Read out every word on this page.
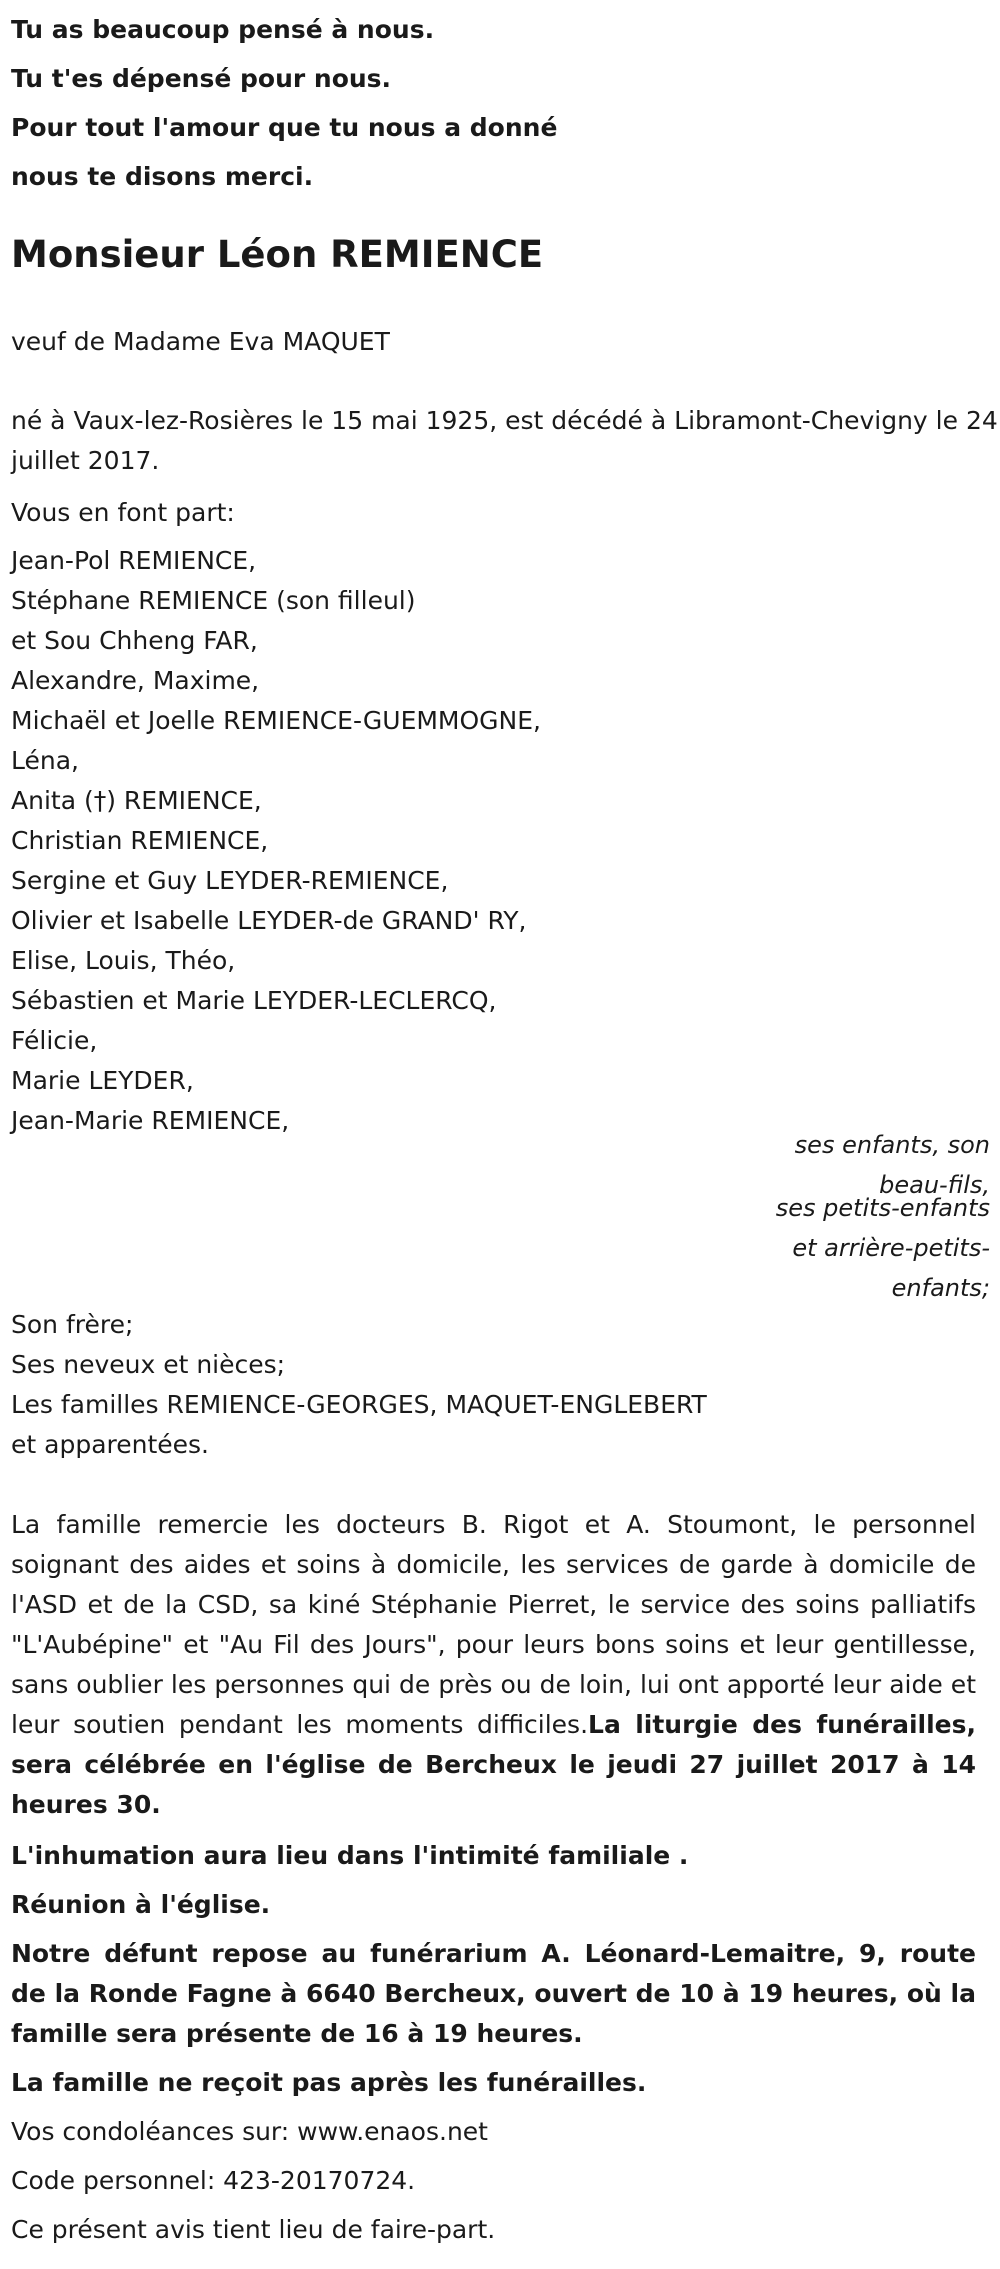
Tu as beaucoup pensé à nous.
Tu t'es dépensé pour nous.
Pour tout l'amour que tu nous a donné
nous te disons merci.
Monsieur Léon REMIENCE
veuf de Madame Eva MAQUET
né à Vaux-lez-Rosières le 15 mai 1925, est décédé à Libramont-Chevigny le 24 juillet 2017.
Vous en font part:
Jean-Pol REMIENCE,
Stéphane REMIENCE (son filleul)
et Sou Chheng FAR,
Alexandre, Maxime,
Michaël et Joelle REMIENCE-GUEMMOGNE,
Léna,
Anita (†) REMIENCE,
Christian REMIENCE,
Sergine et Guy LEYDER-REMIENCE,
Olivier et Isabelle LEYDER-de GRAND' RY,
Elise, Louis, Théo,
Sébastien et Marie LEYDER-LECLERCQ,
Félicie,
Marie LEYDER,
Jean-Marie REMIENCE,
ses enfants, son beau-fils,
ses petits-enfants et arrière-petits-enfants;
Son frère;
Ses neveux et nièces;
Les familles REMIENCE-GEORGES, MAQUET-ENGLEBERT
et apparentées.
La famille remercie les docteurs B. Rigot et A. Stoumont, le personnel soignant des aides et soins à domicile, les services de garde à domicile de l'ASD et de la CSD, sa kiné Stéphanie Pierret, le service des soins palliatifs "L'Aubépine" et "Au Fil des Jours", pour leurs bons soins et leur gentillesse, sans oublier les personnes qui de près ou de loin, lui ont apporté leur aide et leur soutien pendant les moments difficiles.La liturgie des funérailles, sera célébrée en l'église de Bercheux le jeudi 27 juillet 2017 à 14 heures 30.
L'inhumation aura lieu dans l'intimité familiale .
Réunion à l'église.
Notre défunt repose au funérarium A. Léonard-Lemaitre, 9, route de la Ronde Fagne à 6640 Bercheux, ouvert de 10 à 19 heures, où la famille sera présente de 16 à 19 heures.
La famille ne reçoit pas après les funérailles.
Vos condoléances sur: www.enaos.net
Code personnel: 423-20170724.
Ce présent avis tient lieu de faire-part.
